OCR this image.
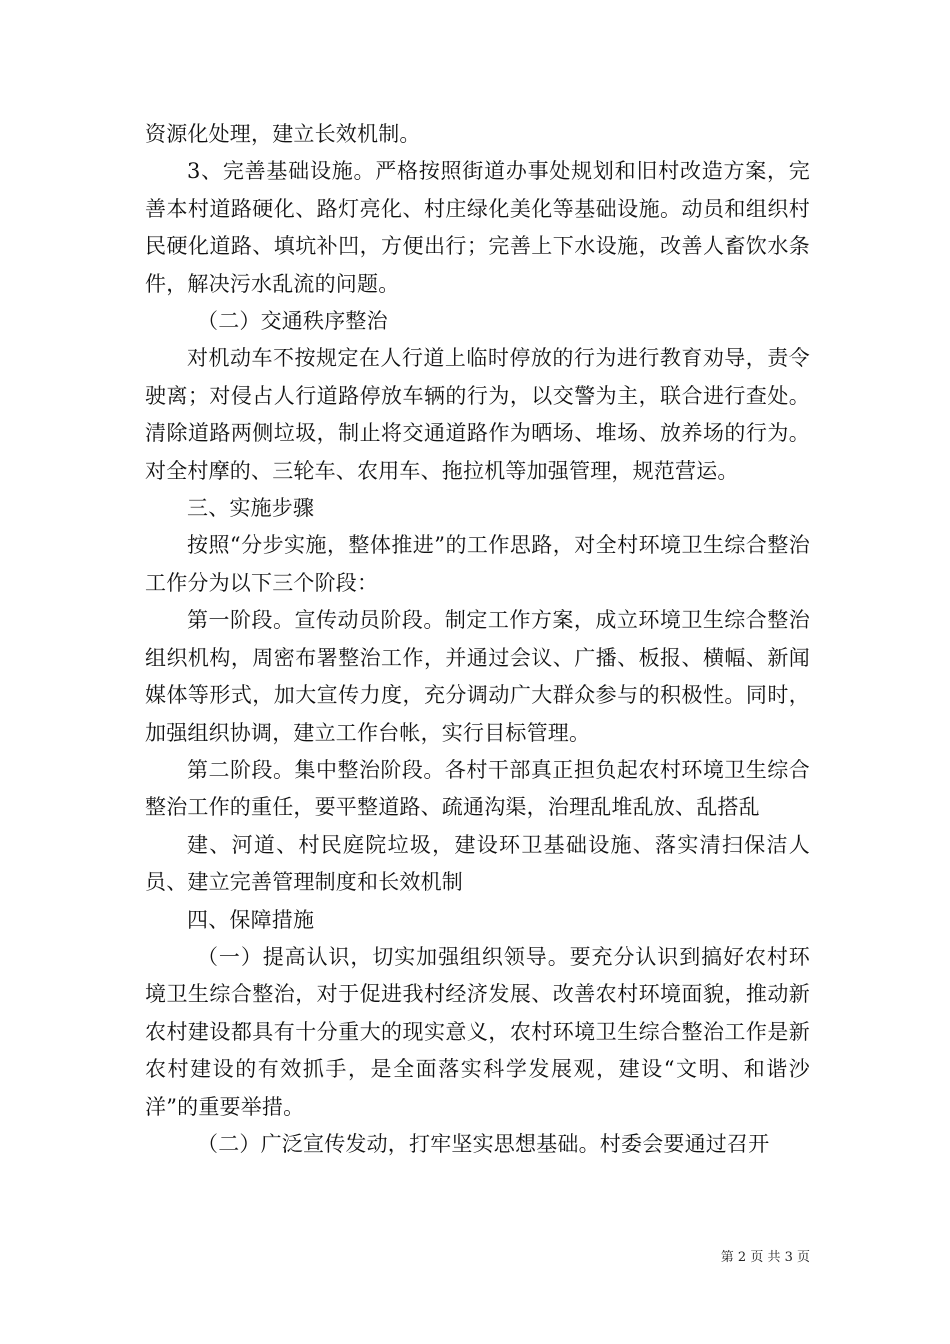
资源化处理，建立长效机制。

3、完善基础设施。严格按照街道办事处规划和旧村改造方案，完善本村道路硬化、路灯亮化、村庄绿化美化等基础设施。动员和组织村民硬化道路、填坑补凹，方便出行；完善上下水设施，改善人畜饮水条件，解决污水乱流的问题。

（二）交通秩序整治

对机动车不按规定在人行道上临时停放的行为进行教育劝导，责令驶离；对侵占人行道路停放车辆的行为，以交警为主，联合进行查处。清除道路两侧垃圾，制止将交通道路作为晒场、堆场、放养场的行为。对全村摩的、三轮车、农用车、拖拉机等加强管理，规范营运。

三、实施步骤

按照“分步实施，整体推进”的工作思路，对全村环境卫生综合整治工作分为以下三个阶段：

第一阶段。宣传动员阶段。制定工作方案，成立环境卫生综合整治组织机构，周密布署整治工作，并通过会议、广播、板报、横幅、新闻媒体等形式，加大宣传力度，充分调动广大群众参与的积极性。同时，加强组织协调，建立工作台帐，实行目标管理。

第二阶段。集中整治阶段。各村干部真正担负起农村环境卫生综合整治工作的重任，要平整道路、疏通沟渠，治理乱堆乱放、乱搭乱

建、河道、村民庭院垃圾，建设环卫基础设施、落实清扫保洁人员、建立完善管理制度和长效机制

四、保障措施

（一）提高认识，切实加强组织领导。要充分认识到搞好农村环境卫生综合整治，对于促进我村经济发展、改善农村环境面貌，推动新农村建设都具有十分重大的现实意义，农村环境卫生综合整治工作是新农村建设的有效抓手，是全面落实科学发展观，建设“文明、和谐沙洋”的重要举措。

（二）广泛宣传发动，打牢坚实思想基础。村委会要通过召开

第 2 页 共 3 页
